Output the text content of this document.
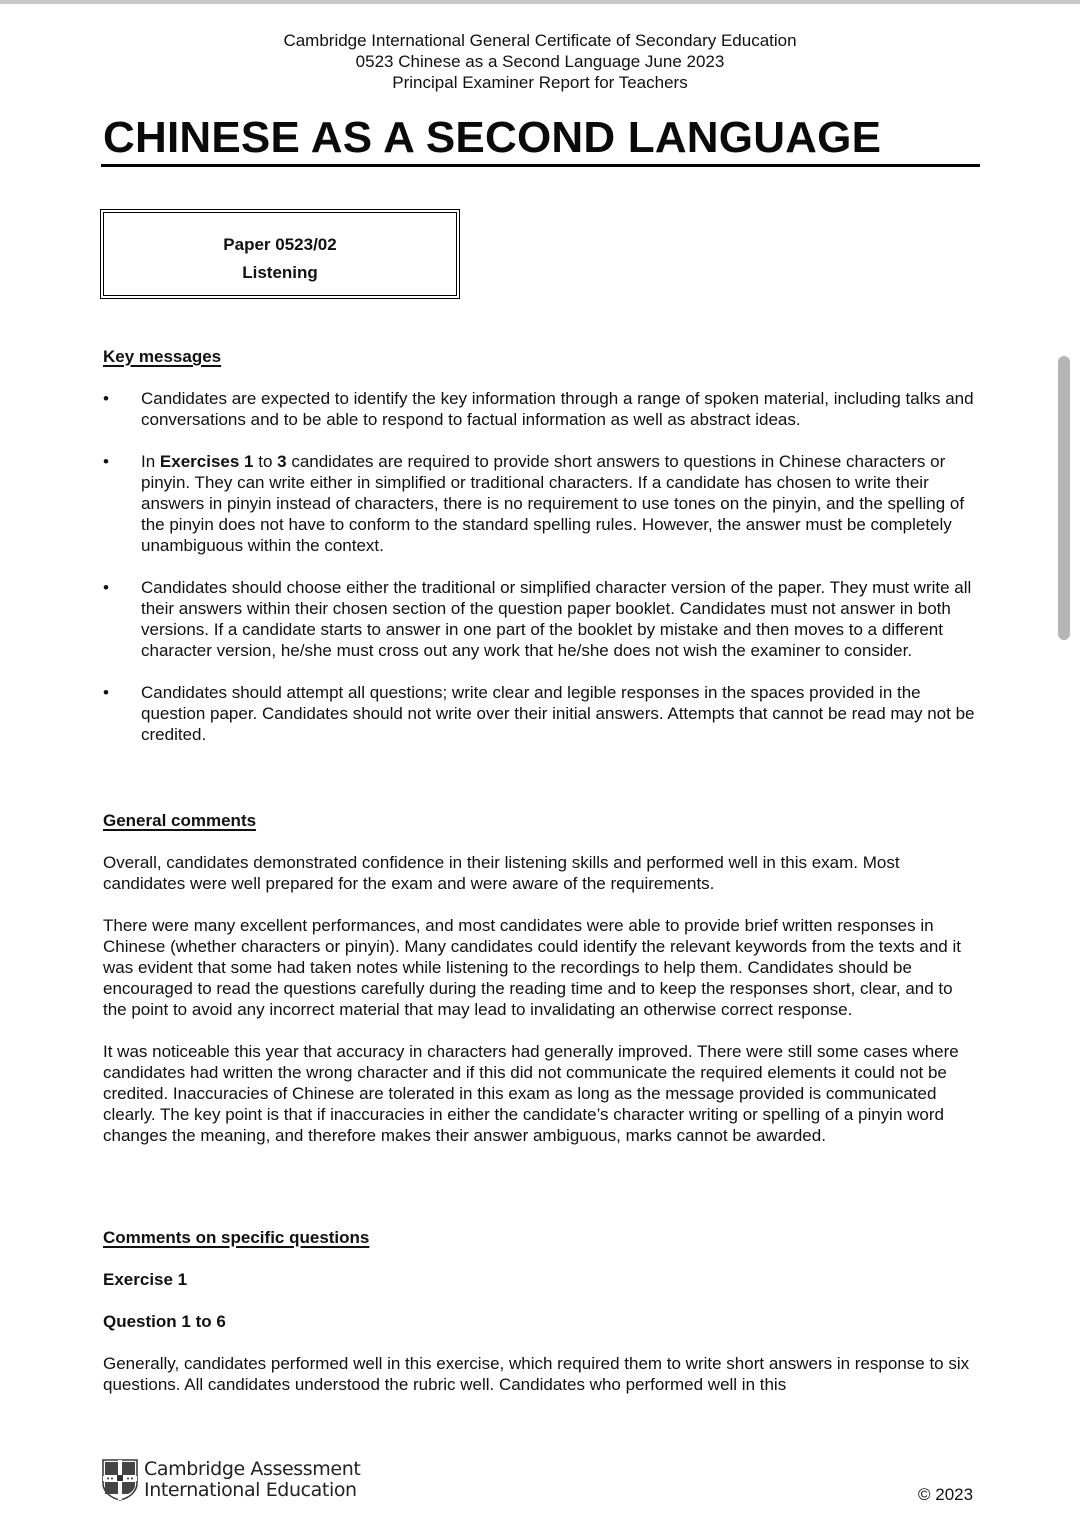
Cambridge International General Certificate of Secondary Education
0523 Chinese as a Second Language June 2023
Principal Examiner Report for Teachers
CHINESE AS A SECOND LANGUAGE
Paper 0523/02
Listening
Key messages
• Candidates are expected to identify the key information through a range of spoken material, including talks and conversations and to be able to respond to factual information as well as abstract ideas.
• In Exercises 1 to 3 candidates are required to provide short answers to questions in Chinese characters or pinyin. They can write either in simplified or traditional characters. If a candidate has chosen to write their answers in pinyin instead of characters, there is no requirement to use tones on the pinyin, and the spelling of the pinyin does not have to conform to the standard spelling rules. However, the answer must be completely unambiguous within the context.
• Candidates should choose either the traditional or simplified character version of the paper. They must write all their answers within their chosen section of the question paper booklet. Candidates must not answer in both versions. If a candidate starts to answer in one part of the booklet by mistake and then moves to a different character version, he/she must cross out any work that he/she does not wish the examiner to consider.
• Candidates should attempt all questions; write clear and legible responses in the spaces provided in the question paper. Candidates should not write over their initial answers. Attempts that cannot be read may not be credited.
General comments

Overall, candidates demonstrated confidence in their listening skills and performed well in this exam. Most candidates were well prepared for the exam and were aware of the requirements.

There were many excellent performances, and most candidates were able to provide brief written responses in Chinese (whether characters or pinyin). Many candidates could identify the relevant keywords from the texts and it was evident that some had taken notes while listening to the recordings to help them. Candidates should be encouraged to read the questions carefully during the reading time and to keep the responses short, clear, and to the point to avoid any incorrect material that may lead to invalidating an otherwise correct response.

It was noticeable this year that accuracy in characters had generally improved. There were still some cases where candidates had written the wrong character and if this did not communicate the required elements it could not be credited. Inaccuracies of Chinese are tolerated in this exam as long as the message provided is communicated clearly. The key point is that if inaccuracies in either the candidate’s character writing or spelling of a pinyin word changes the meaning, and therefore makes their answer ambiguous, marks cannot be awarded.

Comments on specific questions
Exercise 1
Question 1 to 6

Generally, candidates performed well in this exercise, which required them to write short answers in response to six questions. All candidates understood the rubric well. Candidates who performed well in this

Cambridge Assessment
International Education	© 2023
